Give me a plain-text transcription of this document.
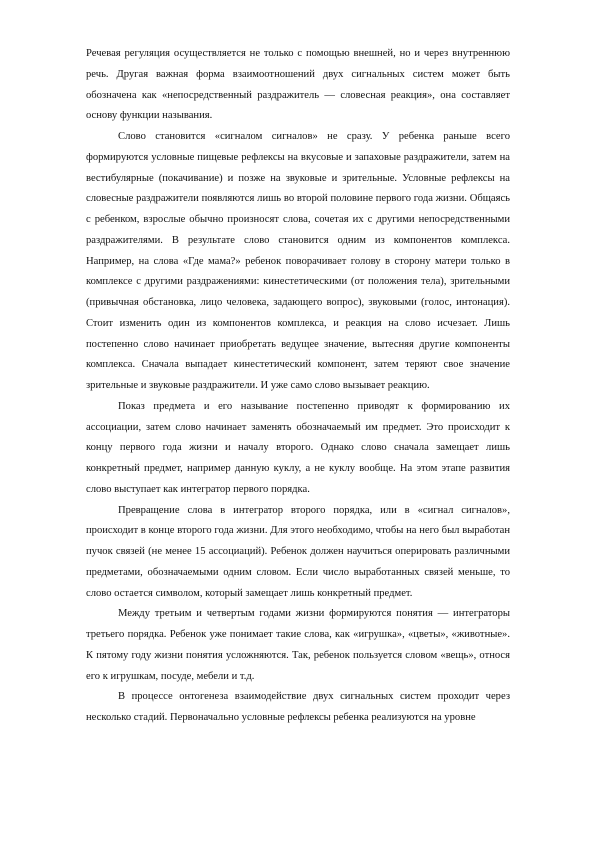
Речевая регуляция осуществляется не только с помощью внешней, но и через внутреннюю речь. Другая важная форма взаимоотношений двух сигнальных систем может быть обозначена как «непосредственный раздражитель — словесная реакция», она составляет основу функции называния.

Слово становится «сигналом сигналов» не сразу. У ребенка раньше всего формируются условные пищевые рефлексы на вкусовые и запаховые раздражители, затем на вестибулярные (покачивание) и позже на звуковые и зрительные. Условные рефлексы на словесные раздражители появляются лишь во второй половине первого года жизни. Общаясь с ребенком, взрослые обычно произносят слова, сочетая их с другими непосредственными раздражителями. В результате слово становится одним из компонентов комплекса. Например, на слова «Где мама?» ребенок поворачивает голову в сторону матери только в комплексе с другими раздражениями: кинестетическими (от положения тела), зрительными (привычная обстановка, лицо человека, задающего вопрос), звуковыми (голос, интонация). Стоит изменить один из компонентов комплекса, и реакция на слово исчезает. Лишь постепенно слово начинает приобретать ведущее значение, вытесняя другие компоненты комплекса. Сначала выпадает кинестетический компонент, затем теряют свое значение зрительные и звуковые раздражители. И уже само слово вызывает реакцию.

Показ предмета и его называние постепенно приводят к формированию их ассоциации, затем слово начинает заменять обозначаемый им предмет. Это происходит к концу первого года жизни и началу второго. Однако слово сначала замещает лишь конкретный предмет, например данную куклу, а не куклу вообще. На этом этапе развития слово выступает как интегратор первого порядка.

Превращение слова в интегратор второго порядка, или в «сигнал сигналов», происходит в конце второго года жизни. Для этого необходимо, чтобы на него был выработан пучок связей (не менее 15 ассоциаций). Ребенок должен научиться оперировать различными предметами, обозначаемыми одним словом. Если число выработанных связей меньше, то слово остается символом, который замещает лишь конкретный предмет.

Между третьим и четвертым годами жизни формируются понятия — интеграторы третьего порядка. Ребенок уже понимает такие слова, как «игрушка», «цветы», «животные». К пятому году жизни понятия усложняются. Так, ребенок пользуется словом «вещь», относя его к игрушкам, посуде, мебели и т.д.

В процессе онтогенеза взаимодействие двух сигнальных систем проходит через несколько стадий. Первоначально условные рефлексы ребенка реализуются на уровне
